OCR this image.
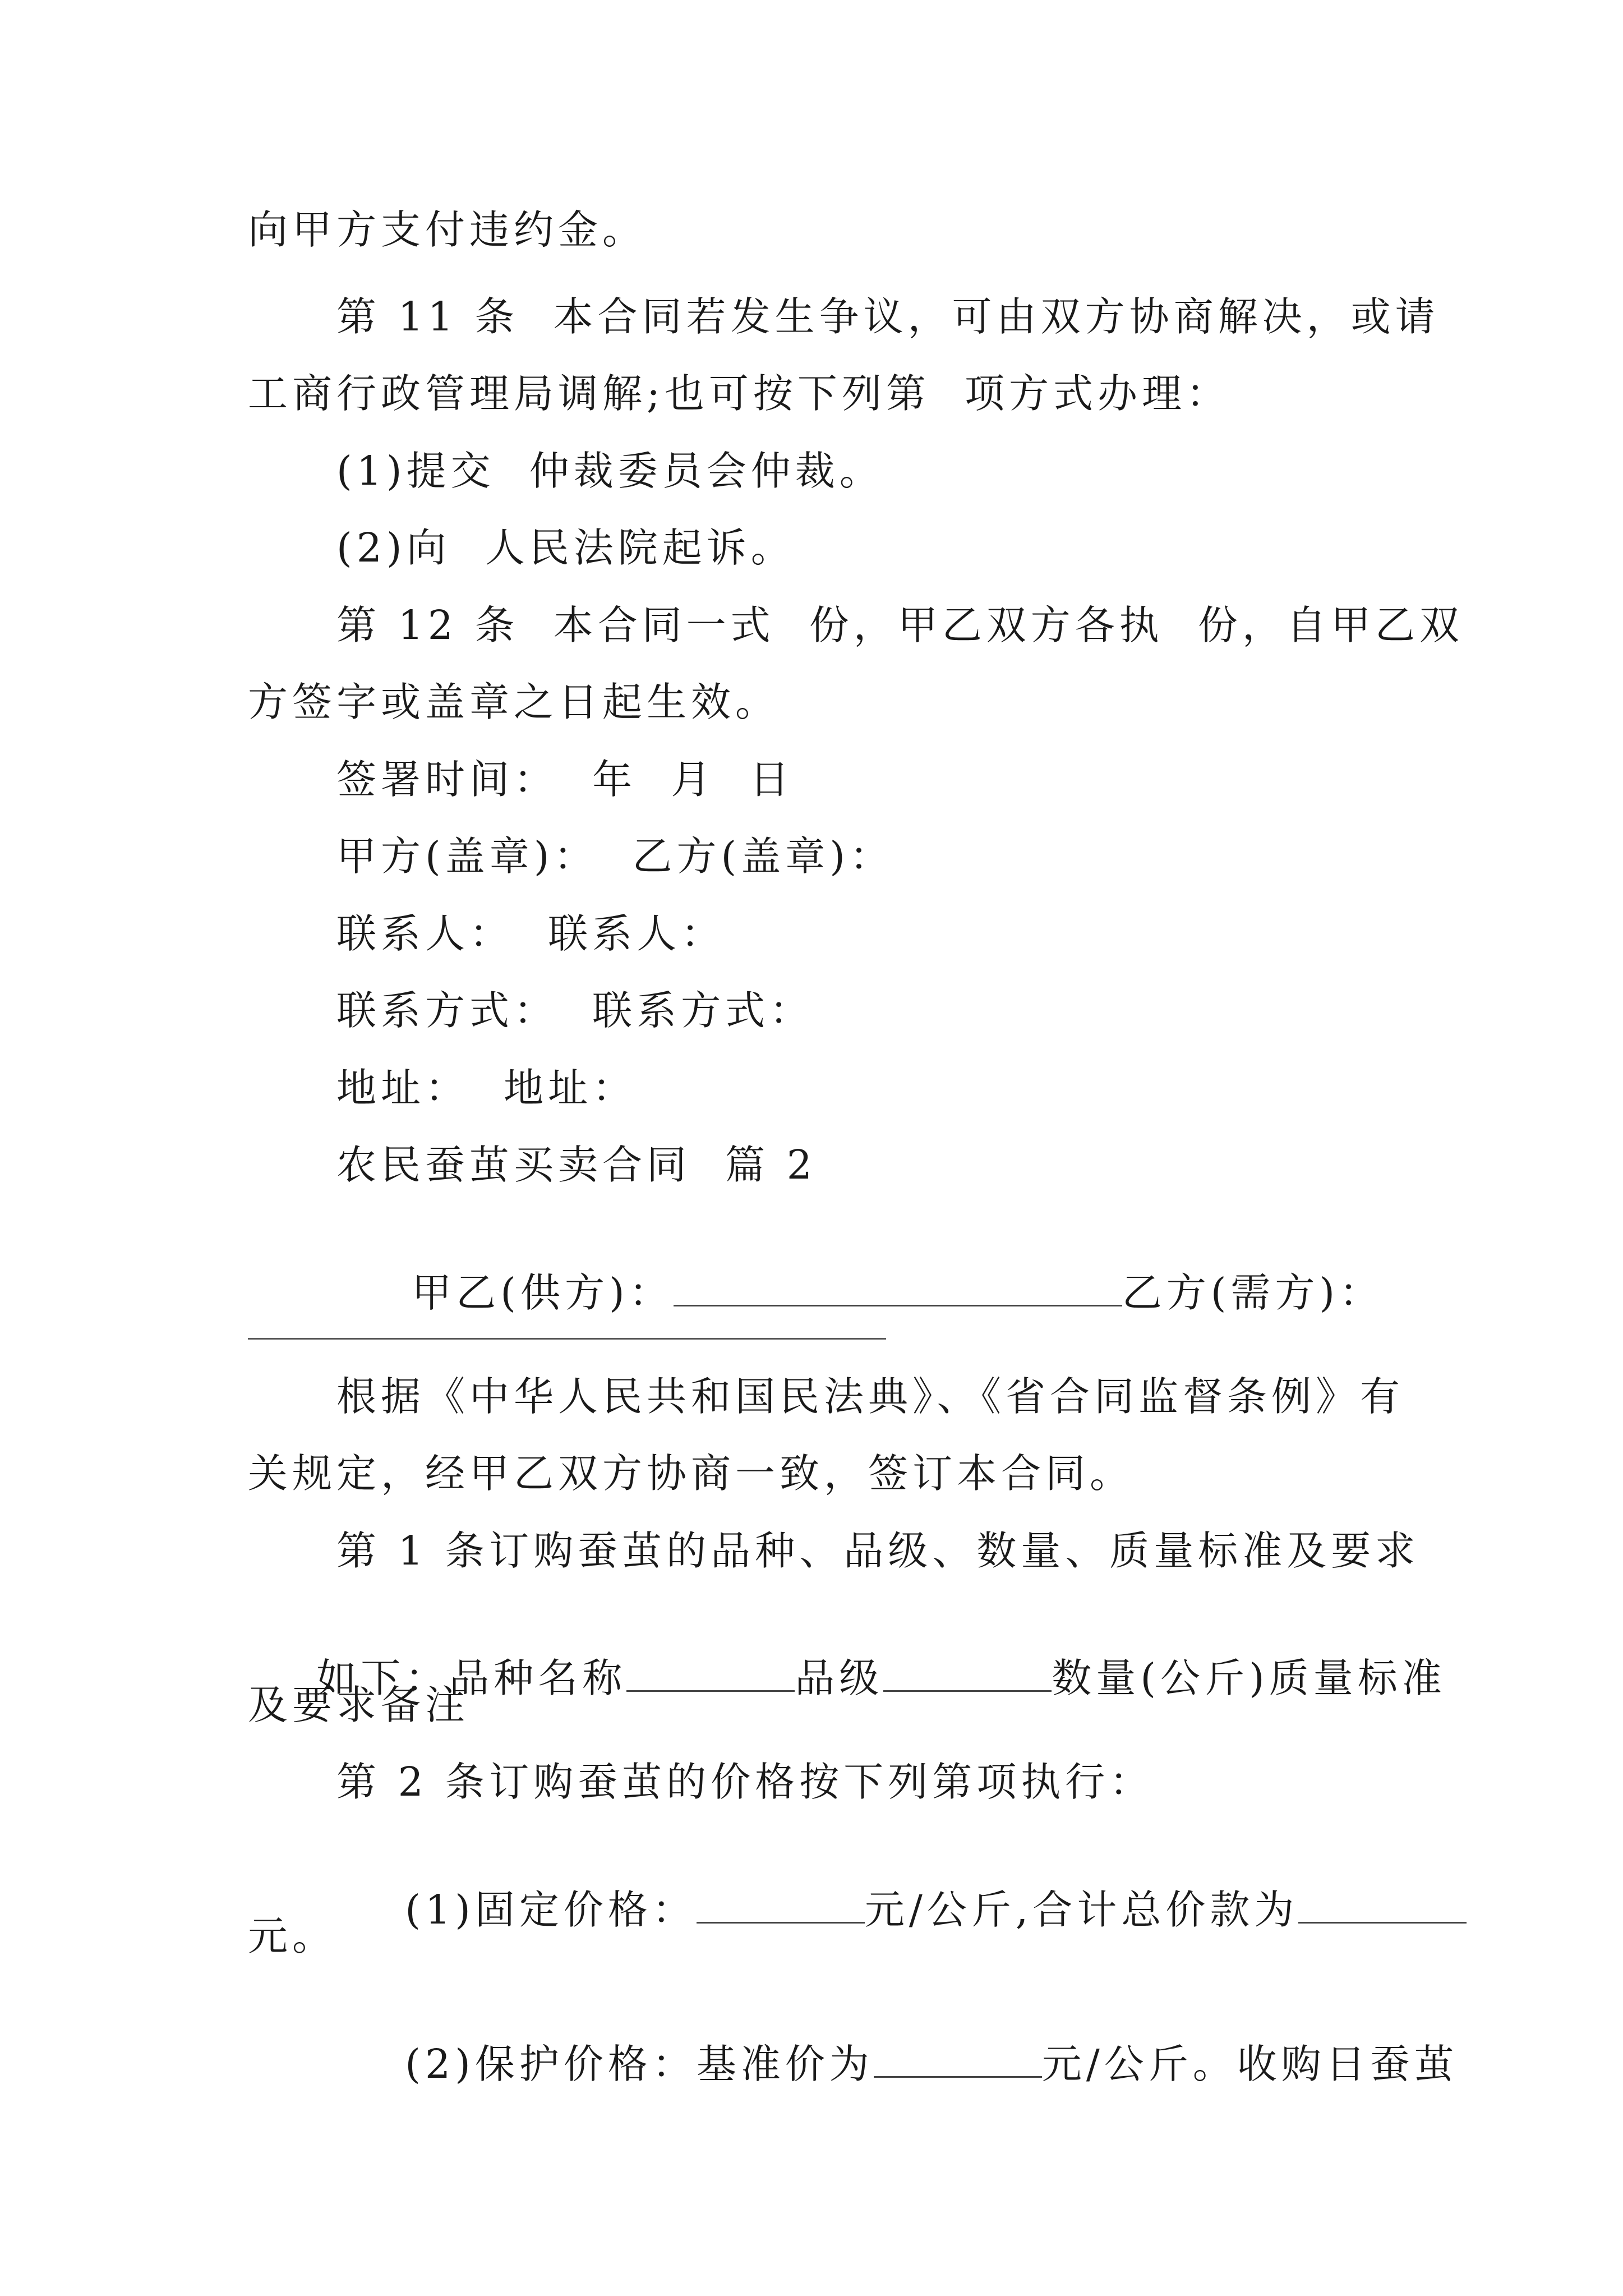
向甲方支付违约金。
第 11 条  本合同若发生争议，可由双方协商解决，或请
工商行政管理局调解;也可按下列第  项方式办理：
(1)提交  仲裁委员会仲裁。
(2)向  人民法院起诉。
第 12 条  本合同一式  份，甲乙双方各执  份，自甲乙双
方签字或盖章之日起生效。
签署时间：  年  月  日
甲方(盖章)：  乙方(盖章)：
联系人：  联系人：
联系方式：  联系方式：
地址：  地址：
农民蚕茧买卖合同  篇 2

甲乙(供方)：	乙方(需方)：

根据《中华人民共和国民法典》、《省合同监督条例》有
关规定，经甲乙双方协商一致，签订本合同。
第 1 条订购蚕茧的品种、品级、数量、质量标准及要求

如下：品种名称	品级	数量(公斤)质量标准

及要求备注
第 2 条订购蚕茧的价格按下列第项执行：

(1)固定价格：	元/公斤,合计总价款为

元。

(2)保护价格：基准价为	元/公斤。收购日蚕茧
